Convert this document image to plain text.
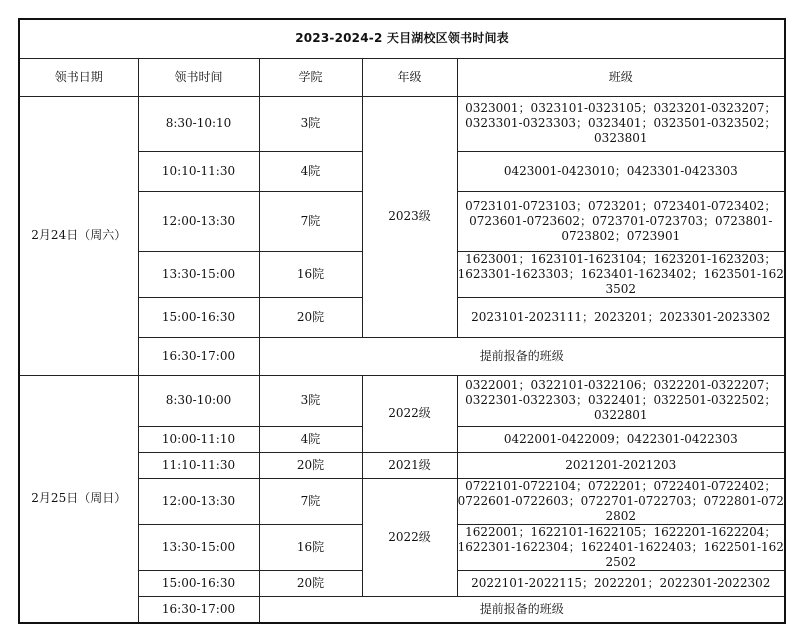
2023-2024-2 天目湖校区领书时间表				
领书日期	领书时间	学院	年级	班级
2月24日（周六）	8:30-10:10	3院	2023级	0323001；0323101-0323105；0323201-0323207；
0323301-0323303；0323401；0323501-0323502；
0323801

	10:10-11:30	4院		0423001-0423010；0423301-0423303

	12:00-13:30	7院		0723101-0723103；0723201；0723401-0723402；
0723601-0723602；0723701-0723703；0723801-
0723802；0723901

	13:30-15:00	16院		1623001；1623101-1623104；1623201-1623203；
1623301-1623303；1623401-1623402；1623501-1623502

	15:00-16:30	20院		2023101-2023111；2023201；2023301-2023302

	16:30-17:00	提前报备的班级		
2月25日（周日）	8:30-10:00	3院	2022级	0322001；0322101-0322106；0322201-0322207；
0322301-0322303；0322401；0322501-0322502；
0322801

	10:00-11:10	4院		0422001-0422009；0422301-0422303

	11:10-11:30	20院	2021级	2021201-2021203

	12:00-13:30	7院	2022级	0722101-0722104；0722201；0722401-0722402；
0722601-0722603；0722701-0722703；0722801-0722802

	13:30-15:00	16院		1622001；1622101-1622105；1622201-1622204；
1622301-1622304；1622401-1622403；1622501-1622502

	15:00-16:30	20院		2022101-2022115；2022201；2022301-2022302

	16:30-17:00	提前报备的班级		
